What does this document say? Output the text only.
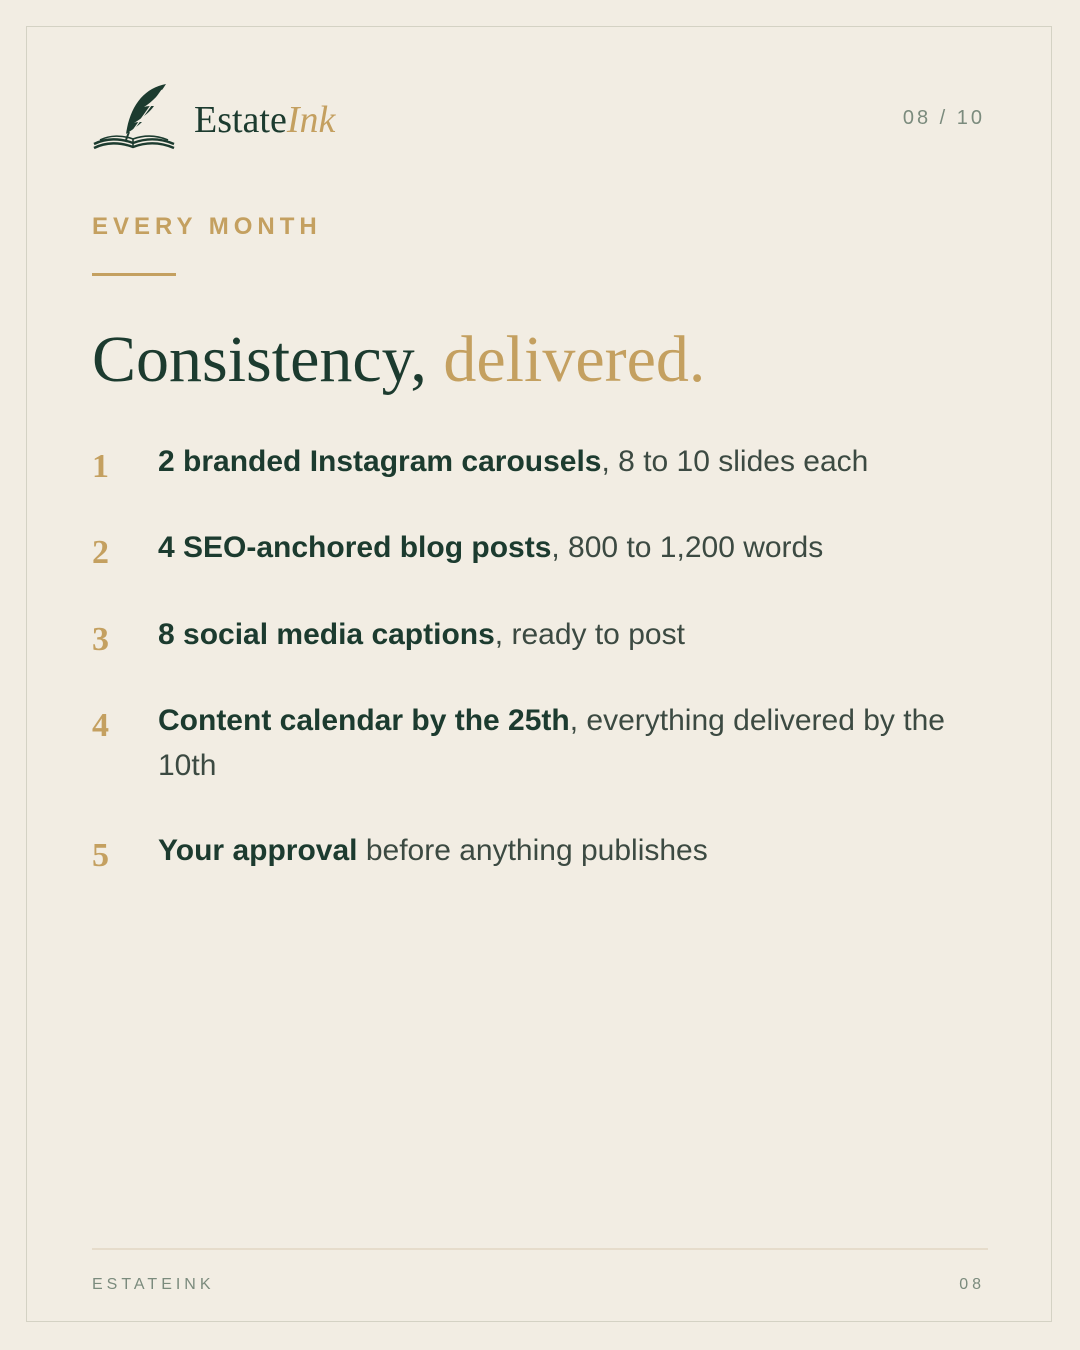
EstateInk	08 / 10
EVERY MONTH
Consistency, delivered.
1	2 branded Instagram carousels, 8 to 10 slides each
2	4 SEO-anchored blog posts, 800 to 1,200 words
3	8 social media captions, ready to post
4	Content calendar by the 25th, everything delivered by the 10th
5	Your approval before anything publishes
ESTATEINK	08
